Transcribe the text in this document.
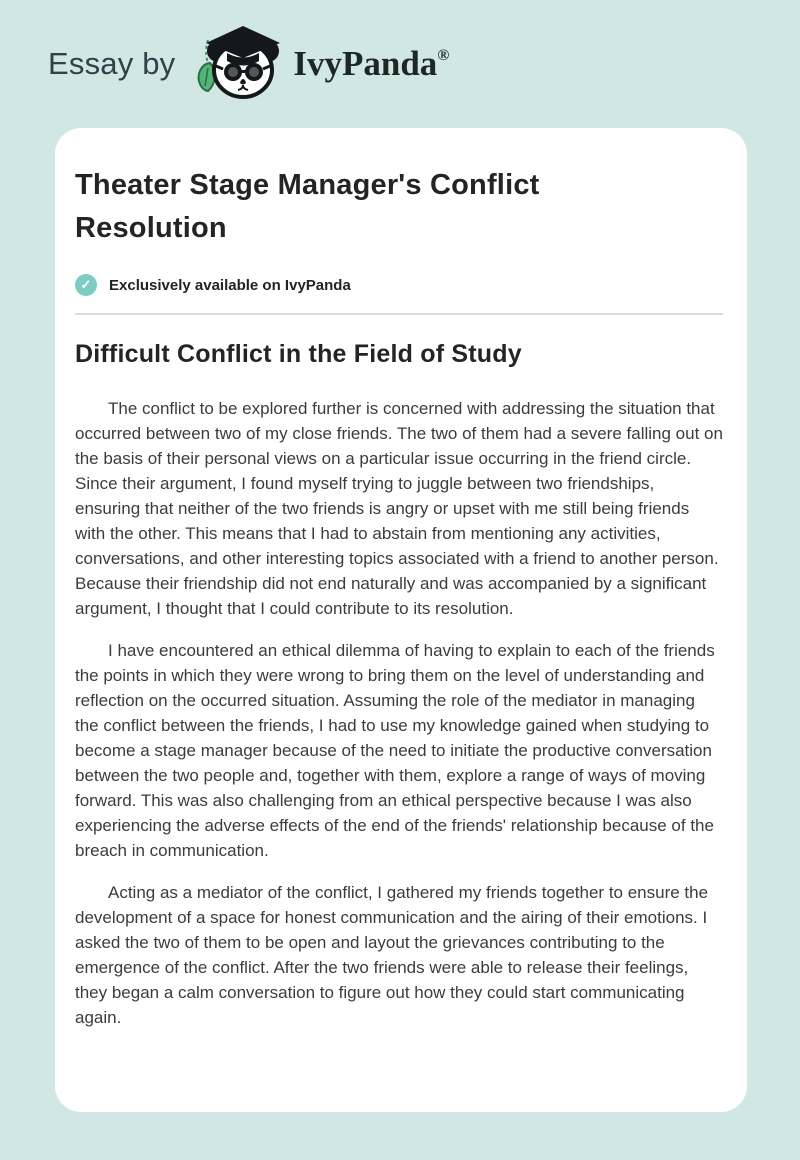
Essay by	IvyPanda®
Theater Stage Manager's Conflict Resolution
✓	Exclusively available on IvyPanda
Difficult Conflict in the Field of Study

The conflict to be explored further is concerned with addressing the situation that occurred between two of my close friends. The two of them had a severe falling out on the basis of their personal views on a particular issue occurring in the friend circle. Since their argument, I found myself trying to juggle between two friendships, ensuring that neither of the two friends is angry or upset with me still being friends with the other. This means that I had to abstain from mentioning any activities, conversations, and other interesting topics associated with a friend to another person. Because their friendship did not end naturally and was accompanied by a significant argument, I thought that I could contribute to its resolution.

I have encountered an ethical dilemma of having to explain to each of the friends the points in which they were wrong to bring them on the level of understanding and reflection on the occurred situation. Assuming the role of the mediator in managing the conflict between the friends, I had to use my knowledge gained when studying to become a stage manager because of the need to initiate the productive conversation between the two people and, together with them, explore a range of ways of moving forward. This was also challenging from an ethical perspective because I was also experiencing the adverse effects of the end of the friends' relationship because of the breach in communication.

Acting as a mediator of the conflict, I gathered my friends together to ensure the development of a space for honest communication and the airing of their emotions. I asked the two of them to be open and layout the grievances contributing to the emergence of the conflict. After the two friends were able to release their feelings, they began a calm conversation to figure out how they could start communicating again.
